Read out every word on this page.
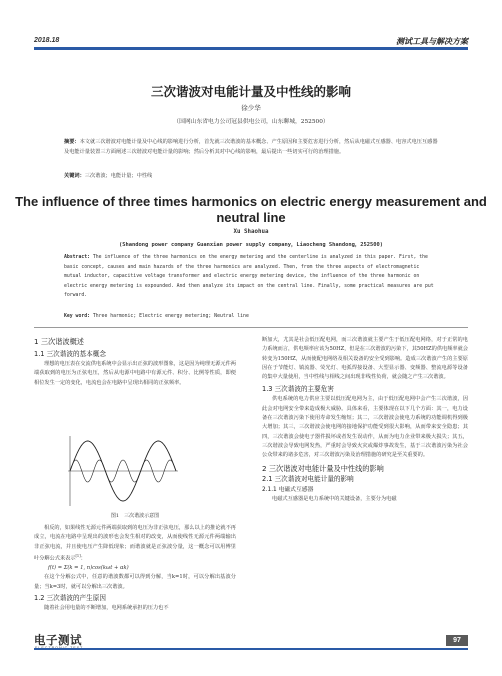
2018.18	测试工具与解决方案
三次谐波对电能计量及中性线的影响
徐少华
（国网山东省电力公司冠县供电公司，山东聊城，252500）
摘要：本文就三次谐波对电能计量及中心线的影响进行分析，首先就三次谐波的基本概念、产生原因和主要危害进行分析，然后从电磁式互感器、电容式电压互感器及电能计量装置三方面阐述三次谐波对电能计量的影响；然后分析其对中心线的影响，最后提出一些切实可行的治理措施。
关键词：三次谐波；电能计量；中性线
The influence of three times harmonics on electric energy measurement and neutral line
Xu Shaohua
(Shandong power company Guanxian power supply company，Liaocheng Shandong，252500)
Abstract: The influence of the three harmonics on the energy metering and the centerline is analyzed in this paper. First, the basic concept, causes and main hazards of the three harmonics are analyzed. Then, from the three aspects of electromagnetic mutual inductor, capacitive voltage transformer and electric energy metering device, the influence of the three harmonic on electric energy metering is expounded. And then analyze its impact on the central line. Finally, some practical measures are put forward.
Key word: Three harmonic; Electric energy metering; Neutral line
1 三次谐波概述
1.1 三次谐波的基本概念

理想的电压表在交流供电系统中会显示出正弦的波形图象，这是因为纯理无源元件两端获取到的电压为正弦电压，然后从电源中电路中有源元件、积分、比例等性质，即便相位发生一定的变化，电流也会在电路中呈现出相同的正弦频率。

图1　三次谐波示意图

相反的，如果线性无源元件两端获取到的电压为非正弦电压，那么以上的推论就不再成立，电流在电路中呈现出的波形也会发生相对的改变，从而使线性无源元件两端输出非正弦电流，并且使电压产生降低现象；而谐波就是正弦波分量，这一概念可以用傅里叶分解公式来表示[1]：

f(t) = Σ(k = 1, n)cos(kωt + αk)

在这个分解公式中，任意的谐波数都可以得到分解，当k=1时，可以分解出基波分量；当k=3时，就可以分解出三次谐波。

1.2 三次谐波的产生原因

随着社会用电量的不断增加，电网系统承担的压力也不

断加大，尤其是社会低压配电网，而三次谐波就主要产生于低压配电网络，对于正常的电力系统而言，供电频率应该为50HZ，但是在三次谐波的污染下，其50HZ的供电频率就会转变为150HZ，从而使配电网络及相关设备的安全受到影响。造成三次谐波产生的主要原因在于节能灯、镇流器、荧光灯、电弧焊接设备、大型显示器、变频器、整流电源等设备的集中大量使用，当中性线与相线之间出现非线性负荷，就会随之产生三次谐波。

1.3 三次谐波的主要危害

供电系统的电力供应主要以低压配电网为主，由于低压配电网中会产生三次谐波，因此会对电网安全带来造成极大威胁。具体来看，主要体现在以下几个方面：其一，电力设备在三次谐波污染下使用寿命发生缩短；其二，三次谐波会使电力系统的功能调机得到极大增加；其三，三次谐波会使电网的接地保护功能受到很大影响，从而带来安全隐患；其四，三次谐波会使电子器件损坏或者发生误动作，从而为电力企业带来极大损失；其五，三次谐波会导致电网发热，严重时会导致火灾或爆炸事故发生，基于三次谐波污染为社会公众带来的诸多危害，对三次谐波污染及治理措施的研究是至关重要的。

2 三次谐波对电能计量及中性线的影响
2.1 三次谐波对电能计量的影响
2.1.1 电磁式互感器

电磁式互感器是电力系统中的关键设备，主要分为电磁

电子测试	97
